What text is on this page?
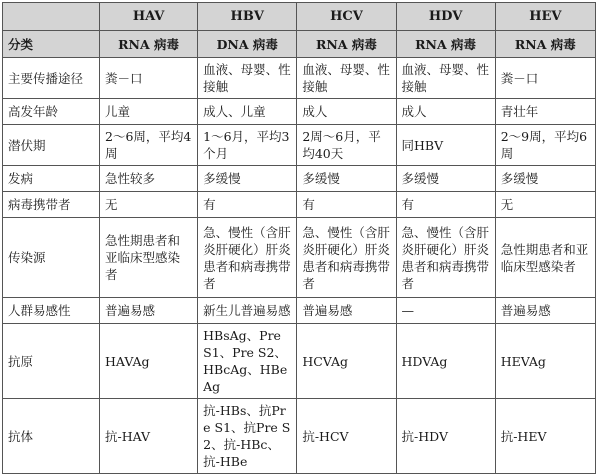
	HAV	HBV	HCV	HDV	HEV
分类	RNA 病毒	DNA 病毒	RNA 病毒	RNA 病毒	RNA 病毒
主要传播途径	粪－口	血液、母婴、性接触	血液、母婴、性接触	血液、母婴、性接触	粪－口
高发年龄	儿童	成人、儿童	成人	成人	青壮年
潜伏期	2～6周，平均4周	1～6月，平均3个月	2周～6月，平均40天	同HBV	2～9周，平均6周
发病	急性较多	多缓慢	多缓慢	多缓慢	多缓慢
病毒携带者	无	有	有	有	无
传染源	急性期患者和亚临床型感染者	急、慢性（含肝炎肝硬化）肝炎患者和病毒携带者	急、慢性（含肝炎肝硬化）肝炎患者和病毒携带者	急、慢性（含肝炎肝硬化）肝炎患者和病毒携带者	急性期患者和亚临床型感染者
人群易感性	普遍易感	新生儿普遍易感	普遍易感	—	普遍易感
抗原	HAVAg	HBsAg、Pre S1、Pre S2、HBcAg、HBeAg	HCVAg	HDVAg	HEVAg
抗体	抗-HAV	抗-HBs、抗Pre S1、抗Pre S2、抗-HBc、抗-HBe	抗-HCV	抗-HDV	抗-HEV
